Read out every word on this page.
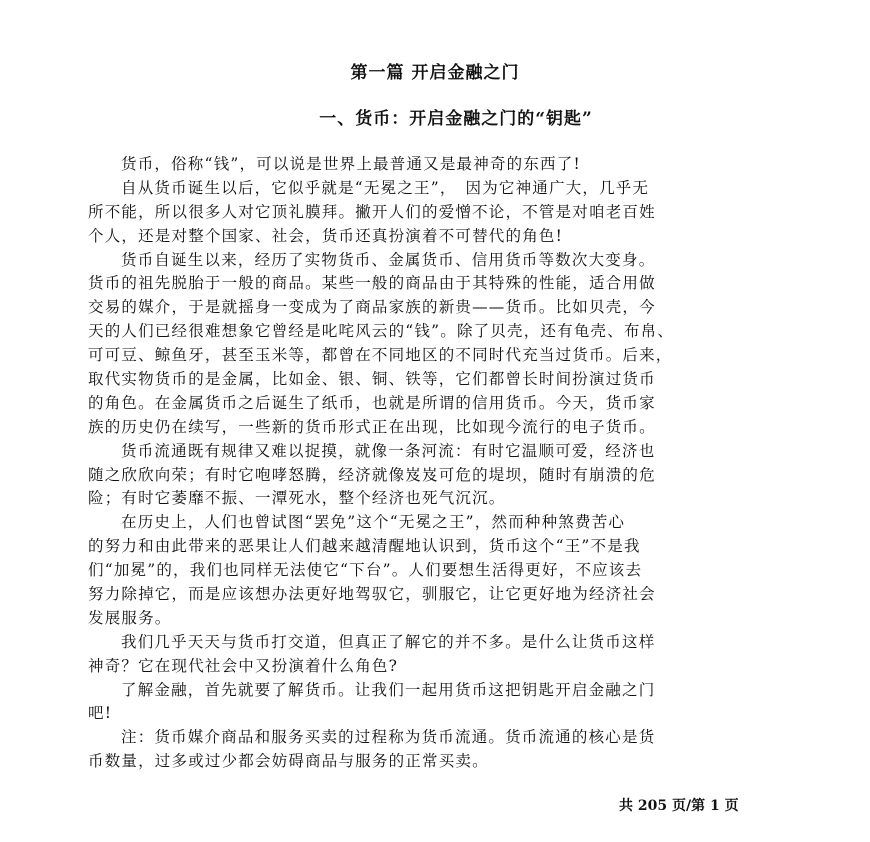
第一篇 开启金融之门
一、货币：开启金融之门的“钥匙”
货币，俗称“钱”，可以说是世界上最普通又是最神奇的东西了!
自从货币诞生以后，它似乎就是“无冕之王”，　因为它神通广大，几乎无
所不能，所以很多人对它顶礼膜拜。撇开人们的爱憎不论，不管是对咱老百姓
个人，还是对整个国家、社会，货币还真扮演着不可替代的角色!
货币自诞生以来，经历了实物货币、金属货币、信用货币等数次大变身。
货币的祖先脱胎于一般的商品。某些一般的商品由于其特殊的性能，适合用做
交易的媒介，于是就摇身一变成为了商品家族的新贵——货币。比如贝壳，今
天的人们已经很难想象它曾经是叱咤风云的“钱”。除了贝壳，还有龟壳、布帛、
可可豆、鲸鱼牙，甚至玉米等，都曾在不同地区的不同时代充当过货币。后来，
取代实物货币的是金属，比如金、银、铜、铁等，它们都曾长时间扮演过货币
的角色。在金属货币之后诞生了纸币，也就是所谓的信用货币。今天，货币家
族的历史仍在续写，一些新的货币形式正在出现，比如现今流行的电子货币。
货币流通既有规律又难以捉摸，就像一条河流：有时它温顺可爱，经济也
随之欣欣向荣；有时它咆哮怒腾，经济就像岌岌可危的堤坝，随时有崩溃的危
险；有时它萎靡不振、一潭死水，整个经济也死气沉沉。
在历史上，人们也曾试图“罢免”这个“无冕之王”，然而种种煞费苦心
的努力和由此带来的恶果让人们越来越清醒地认识到，货币这个“王”不是我
们“加冕”的，我们也同样无法使它“下台”。人们要想生活得更好，不应该去
努力除掉它，而是应该想办法更好地驾驭它，驯服它，让它更好地为经济社会
发展服务。
我们几乎天天与货币打交道，但真正了解它的并不多。是什么让货币这样
神奇？它在现代社会中又扮演着什么角色?
了解金融，首先就要了解货币。让我们一起用货币这把钥匙开启金融之门
吧!
注：货币媒介商品和服务买卖的过程称为货币流通。货币流通的核心是货
币数量，过多或过少都会妨碍商品与服务的正常买卖。
共 205 页/第 1 页
